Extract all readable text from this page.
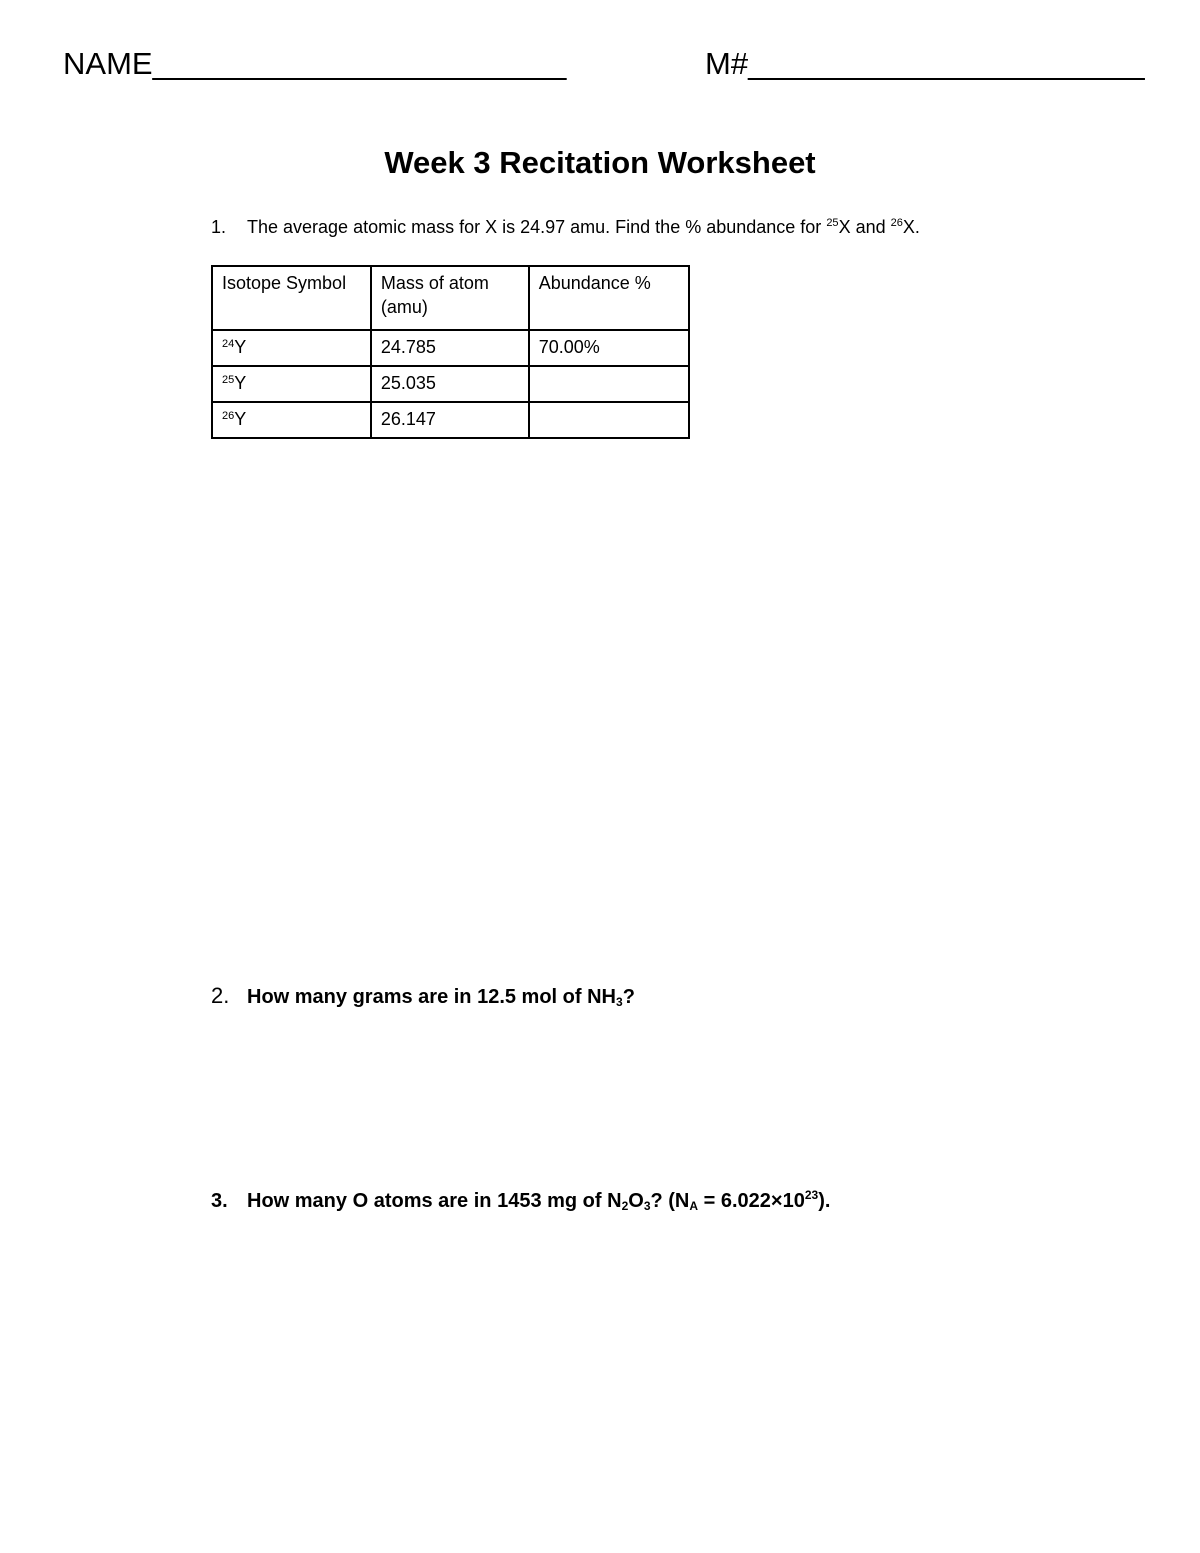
NAME________________________	M#_______________________
Week 3 Recitation Worksheet
1. The average atomic mass for X is 24.97 amu. Find the % abundance for $^{25}$X and $^{26}$X.
Isotope Symbol	Mass of atom (amu)	Abundance %
$^{24}$Y	24.785	70.00%
$^{25}$Y	25.035	
$^{26}$Y	26.147	
2. How many grams are in 12.5 mol of $NH_3$?
3. How many O atoms are in 1453 mg of $N_2O_3$? $(N_A = 6.022\times 10^{23})$.
